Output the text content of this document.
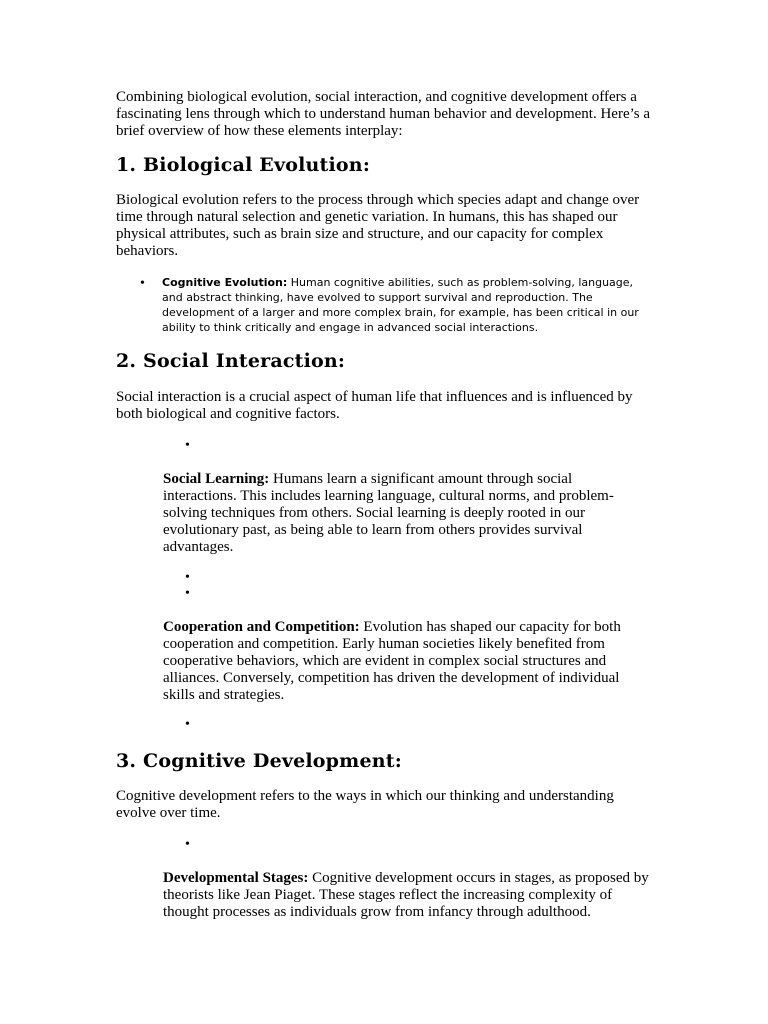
Combining biological evolution, social interaction, and cognitive development offers a fascinating lens through which to understand human behavior and development. Here’s a brief overview of how these elements interplay:

1. Biological Evolution:

Biological evolution refers to the process through which species adapt and change over time through natural selection and genetic variation. In humans, this has shaped our physical attributes, such as brain size and structure, and our capacity for complex behaviors.

• Cognitive Evolution: Human cognitive abilities, such as problem-solving, language, and abstract thinking, have evolved to support survival and reproduction. The development of a larger and more complex brain, for example, has been critical in our ability to think critically and engage in advanced social interactions.
2. Social Interaction:

Social interaction is a crucial aspect of human life that influences and is influenced by both biological and cognitive factors.

•

Social Learning: Humans learn a significant amount through social interactions. This includes learning language, cultural norms, and problem-solving techniques from others. Social learning is deeply rooted in our evolutionary past, as being able to learn from others provides survival advantages.

•
•

Cooperation and Competition: Evolution has shaped our capacity for both cooperation and competition. Early human societies likely benefited from cooperative behaviors, which are evident in complex social structures and alliances. Conversely, competition has driven the development of individual skills and strategies.

•
3. Cognitive Development:

Cognitive development refers to the ways in which our thinking and understanding evolve over time.

•

Developmental Stages: Cognitive development occurs in stages, as proposed by theorists like Jean Piaget. These stages reflect the increasing complexity of thought processes as individuals grow from infancy through adulthood.
